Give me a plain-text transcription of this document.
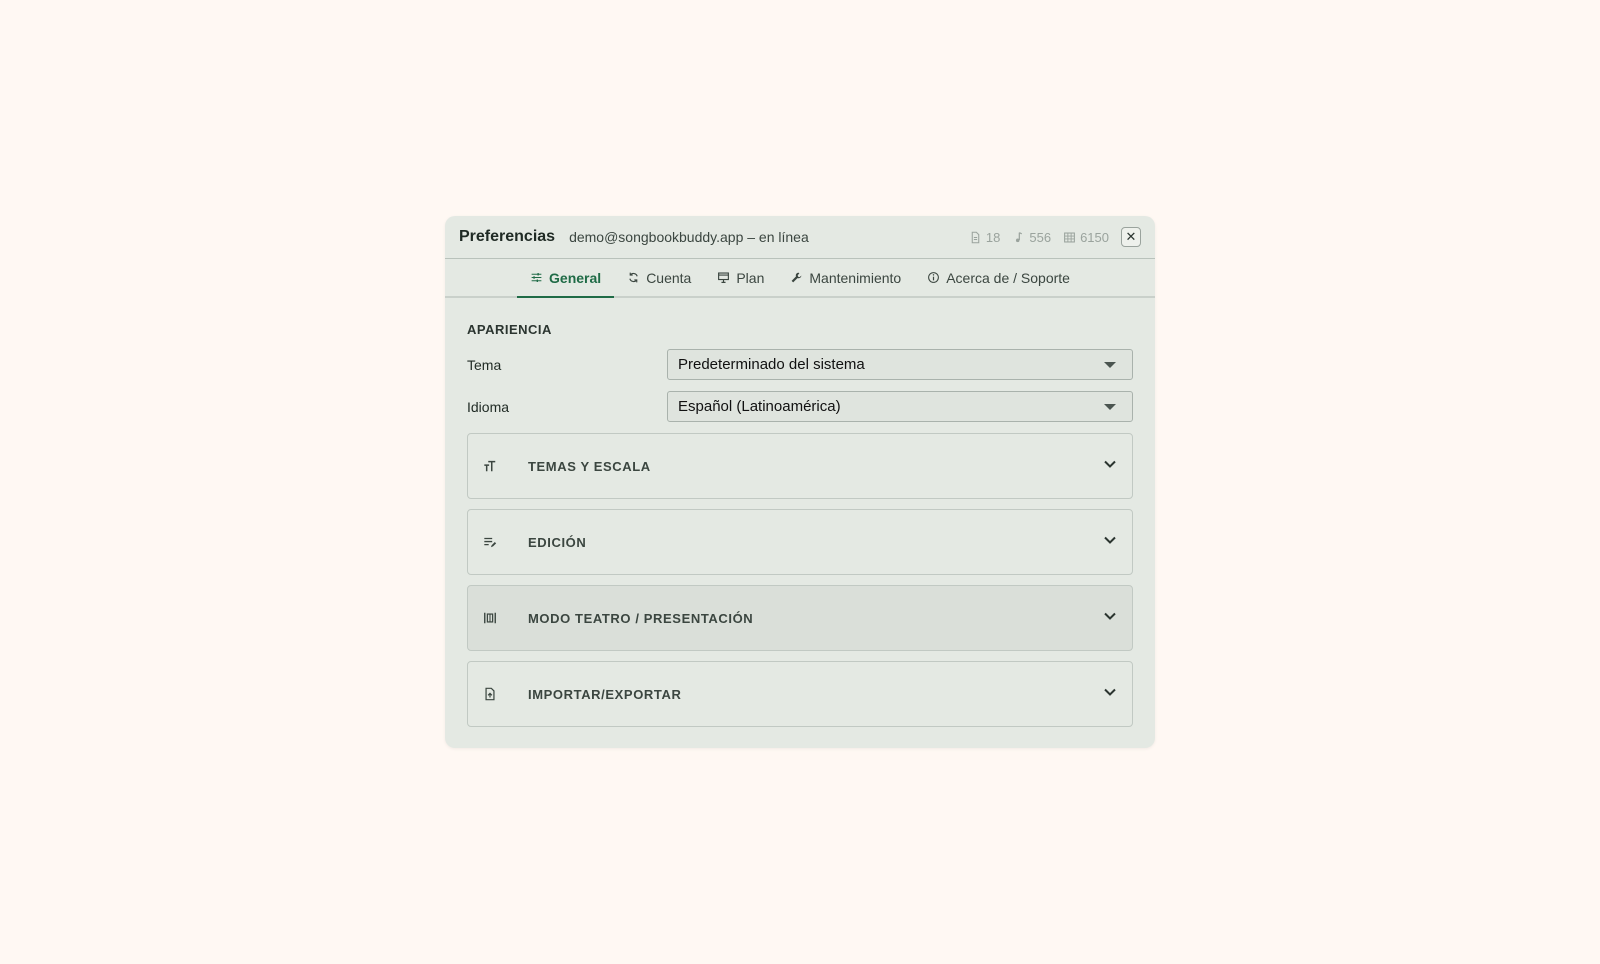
Preferencias demo@songbookbuddy.app – en línea	18 556 6150 ✕
General	Cuenta	Plan	Mantenimiento	Acerca de / Soporte
APARIENCIA
Tema	Predeterminado del sistema
Idioma	Español (Latinoamérica)
TEMAS Y ESCALA
EDICIÓN
MODO TEATRO / PRESENTACIÓN
IMPORTAR/EXPORTAR
